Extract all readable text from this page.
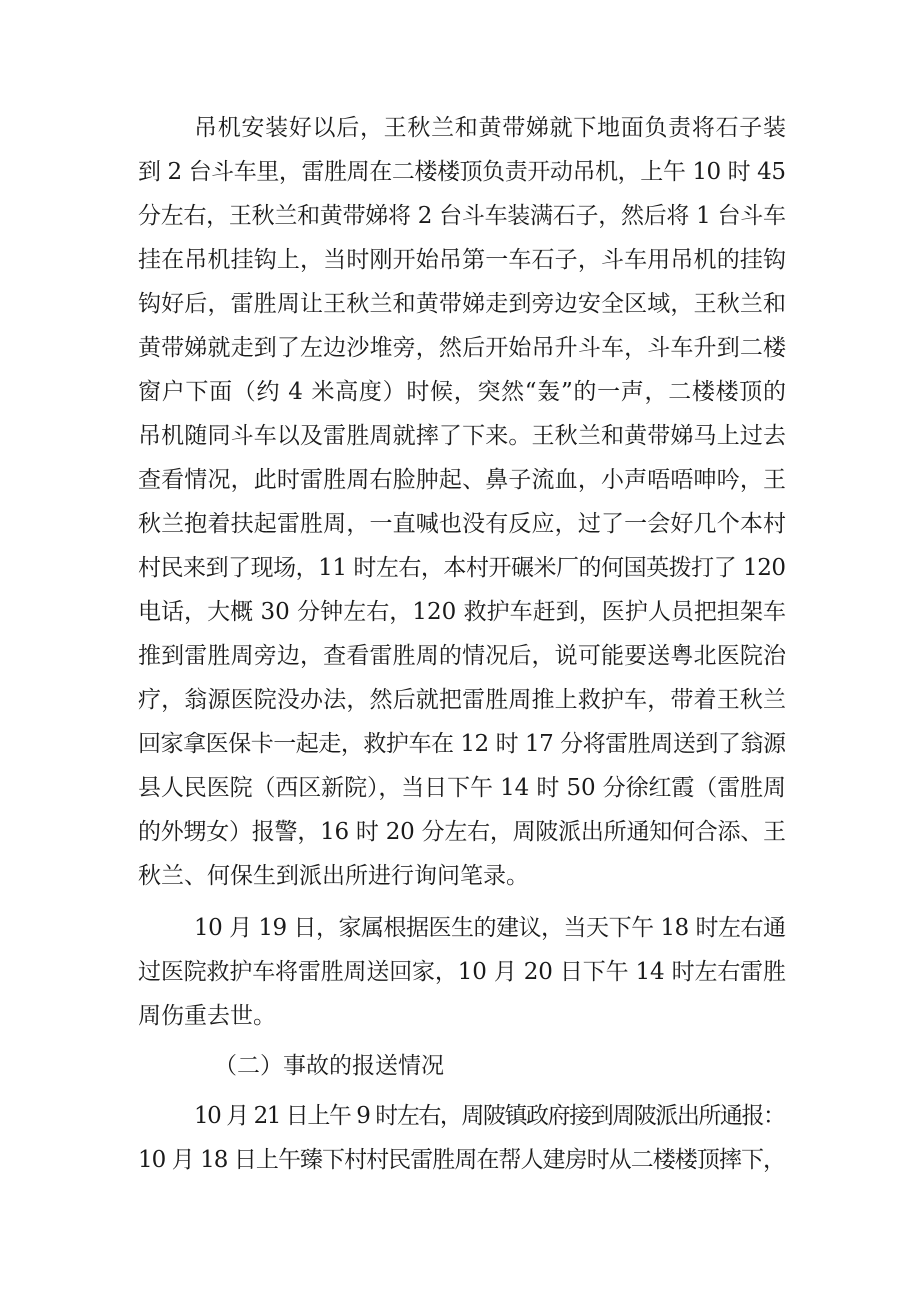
吊机安装好以后，王秋兰和黄带娣就下地面负责将石子装
到 2 台斗车里，雷胜周在二楼楼顶负责开动吊机，上午 10 时 45
分左右，王秋兰和黄带娣将 2 台斗车装满石子，然后将 1 台斗车
挂在吊机挂钩上，当时刚开始吊第一车石子，斗车用吊机的挂钩
钩好后，雷胜周让王秋兰和黄带娣走到旁边安全区域，王秋兰和
黄带娣就走到了左边沙堆旁，然后开始吊升斗车，斗车升到二楼
窗户下面（约 4 米高度）时候，突然“轰”的一声，二楼楼顶的
吊机随同斗车以及雷胜周就摔了下来。王秋兰和黄带娣马上过去
查看情况，此时雷胜周右脸肿起、鼻子流血，小声唔唔呻吟，王
秋兰抱着扶起雷胜周，一直喊也没有反应，过了一会好几个本村
村民来到了现场，11 时左右，本村开碾米厂的何国英拨打了 120
电话，大概 30 分钟左右，120 救护车赶到，医护人员把担架车
推到雷胜周旁边，查看雷胜周的情况后，说可能要送粤北医院治
疗，翁源医院没办法，然后就把雷胜周推上救护车，带着王秋兰
回家拿医保卡一起走，救护车在 12 时 17 分将雷胜周送到了翁源
县人民医院（西区新院），当日下午 14 时 50 分徐红霞（雷胜周
的外甥女）报警，16 时 20 分左右，周陂派出所通知何合添、王
秋兰、何保生到派出所进行询问笔录。
10 月 19 日，家属根据医生的建议，当天下午 18 时左右通
过医院救护车将雷胜周送回家，10 月 20 日下午 14 时左右雷胜
周伤重去世。
（二）事故的报送情况
10 月 21 日上午 9 时左右，周陂镇政府接到周陂派出所通报：
10 月 18 日上午臻下村村民雷胜周在帮人建房时从二楼楼顶摔下，
